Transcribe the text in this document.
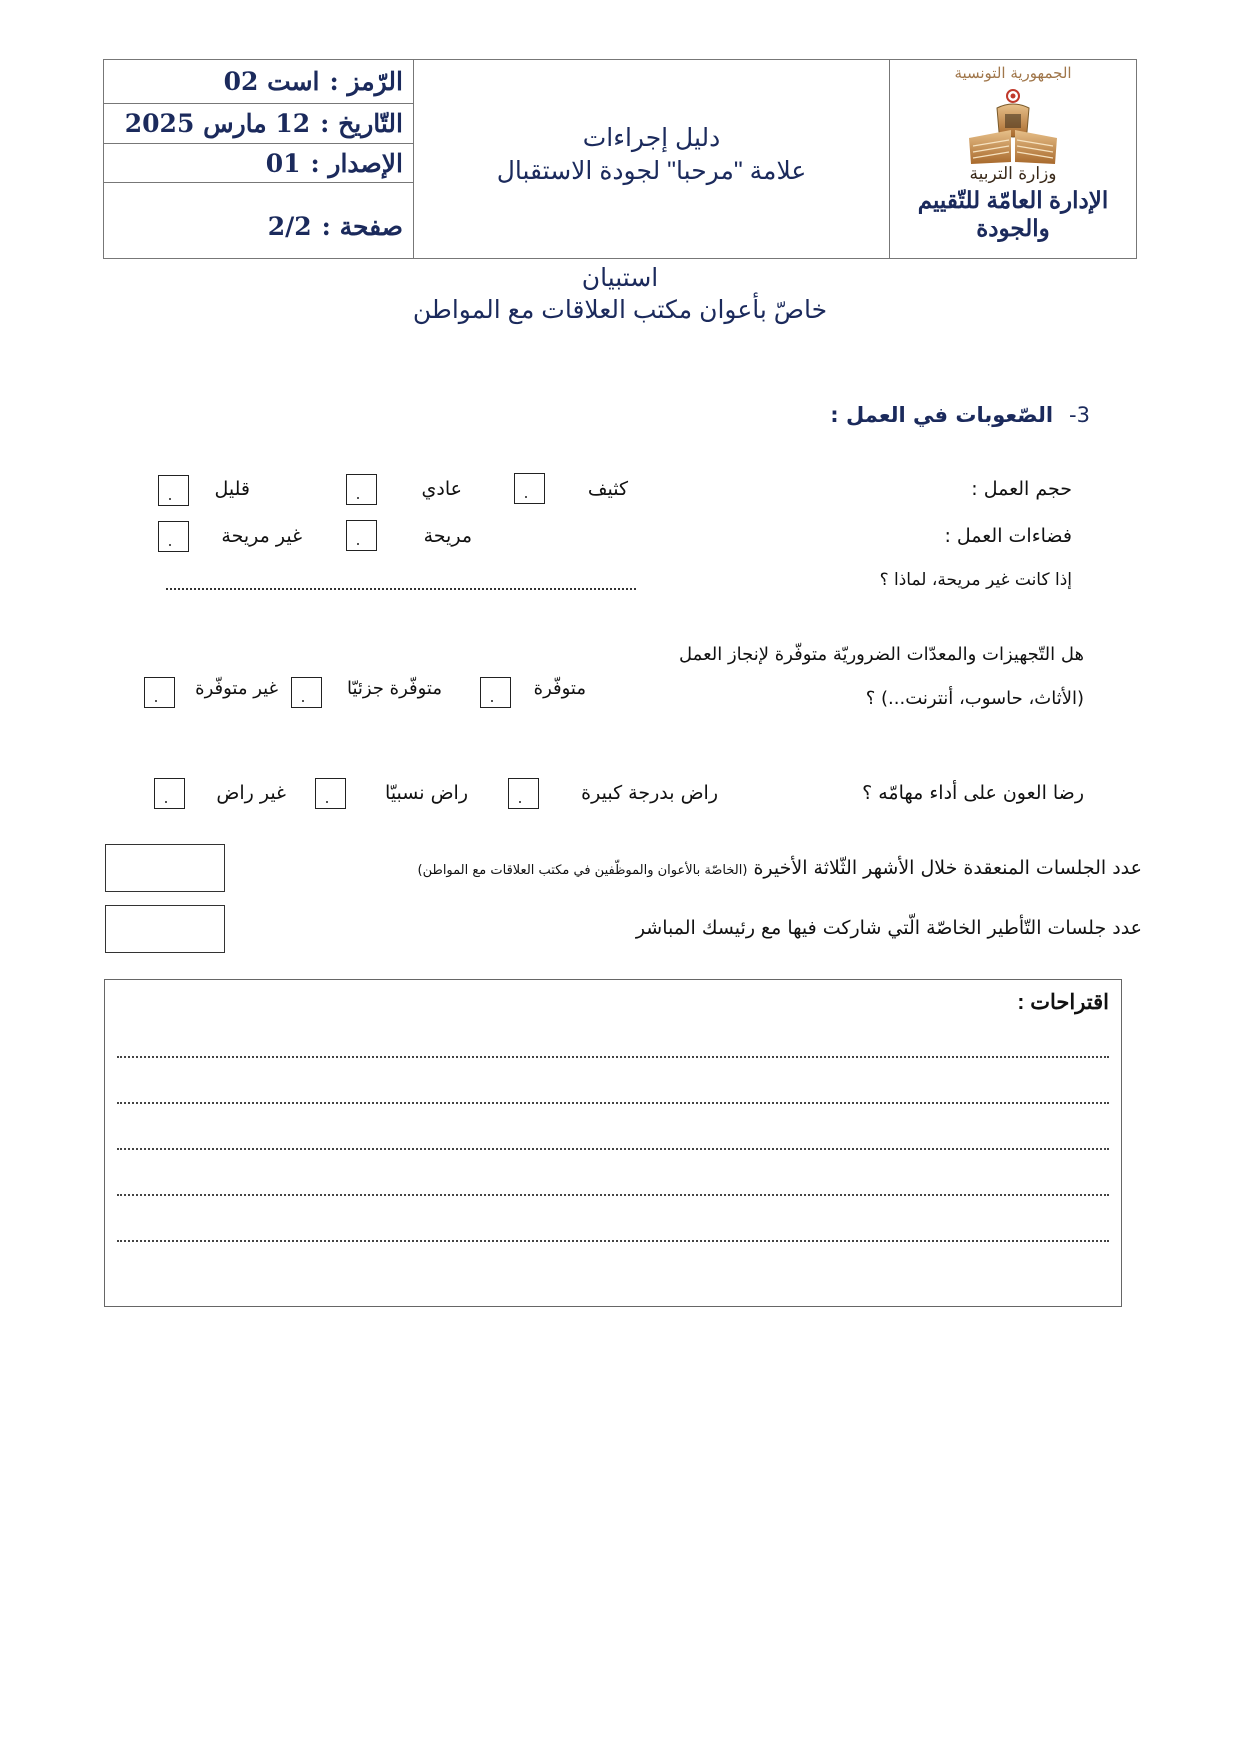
الرّمز :
است 02
التّاريخ :
12 مارس 2025
الإصدار :
01
صفحة :
2/2
دليل إجراءات
علامة "مرحبا" لجودة الاستقبال
الجمهورية التونسية
وزارة التربية
الإدارة العامّة للتّقييم
والجودة
استبيان
خاصّ بأعوان مكتب العلاقات مع المواطن
3-الصّعوبات في العمل :
حجم العمل :
كثيف
عادي
قليل
فضاءات العمل :
مريحة
غير مريحة
إذا كانت غير مريحة، لماذا ؟
هل التّجهيزات والمعدّات الضروريّة متوفّرة لإنجاز العمل
(الأثاث، حاسوب، أنترنت...) ؟
متوفّرة
متوفّرة جزئيّا
غير متوفّرة
رضا العون على أداء مهامّه ؟
راض بدرجة كبيرة
راض نسبيّا
غير راض
عدد الجلسات المنعقدة خلال الأشهر الثّلاثة الأخيرة (الخاصّة بالأعوان والموظّفين في مكتب العلاقات مع المواطن)
عدد جلسات التّأطير الخاصّة الّتي شاركت فيها مع رئيسك المباشر
اقتراحات :
